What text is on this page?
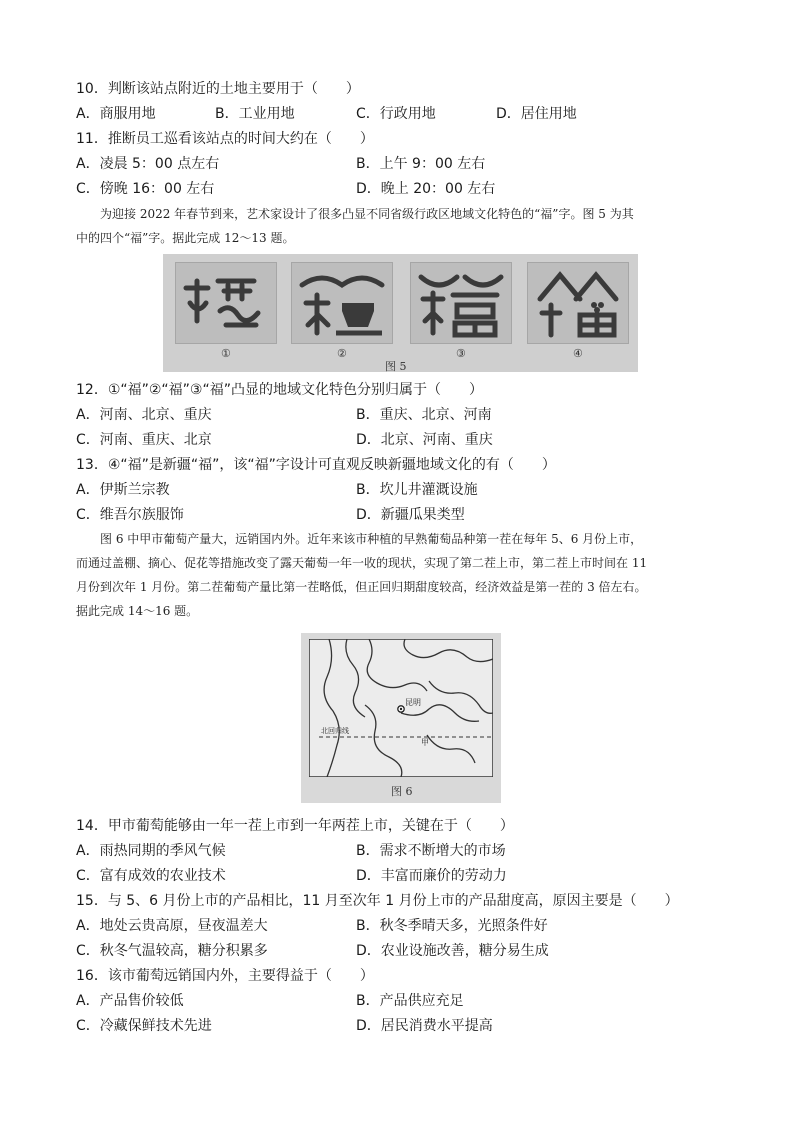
10．判断该站点附近的土地主要用于（　　）
A．商服用地	B．工业用地	C．行政用地	D．居住用地
11．推断员工巡看该站点的时间大约在（　　）
A．凌晨 5：00 点左右	B．上午 9：00 左右
C．傍晚 16：00 左右	D．晚上 20：00 左右
为迎接 2022 年春节到来，艺术家设计了很多凸显不同省级行政区地域文化特色的“福”字。图 5 为其
中的四个“福”字。据此完成 12～13 题。
①	②	③	④
图 5
12．①“福”②“福”③“福”凸显的地域文化特色分别归属于（　　）
A．河南、北京、重庆	B．重庆、北京、河南
C．河南、重庆、北京	D．北京、河南、重庆
13．④“福”是新疆“福”，该“福”字设计可直观反映新疆地域文化的有（　　）
A．伊斯兰宗教	B．坎儿井灌溉设施
C．维吾尔族服饰	D．新疆瓜果类型
图 6 中甲市葡萄产量大，远销国内外。近年来该市种植的早熟葡萄品种第一茬在每年 5、6 月份上市，
而通过盖棚、摘心、促花等措施改变了露天葡萄一年一收的现状，实现了第二茬上市，第二茬上市时间在 11
月份到次年 1 月份。第二茬葡萄产量比第一茬略低，但正回归期甜度较高，经济效益是第一茬的 3 倍左右。
据此完成 14～16 题。
昆明
甲
北回归线
图 6
14．甲市葡萄能够由一年一茬上市到一年两茬上市，关键在于（　　）
A．雨热同期的季风气候	B．需求不断增大的市场
C．富有成效的农业技术	D．丰富而廉价的劳动力
15．与 5、6 月份上市的产品相比，11 月至次年 1 月份上市的产品甜度高，原因主要是（　　）
A．地处云贵高原，昼夜温差大	B．秋冬季晴天多，光照条件好
C．秋冬气温较高，糖分积累多	D．农业设施改善，糖分易生成
16．该市葡萄远销国内外，主要得益于（　　）
A．产品售价较低	B．产品供应充足
C．冷藏保鲜技术先进	D．居民消费水平提高
